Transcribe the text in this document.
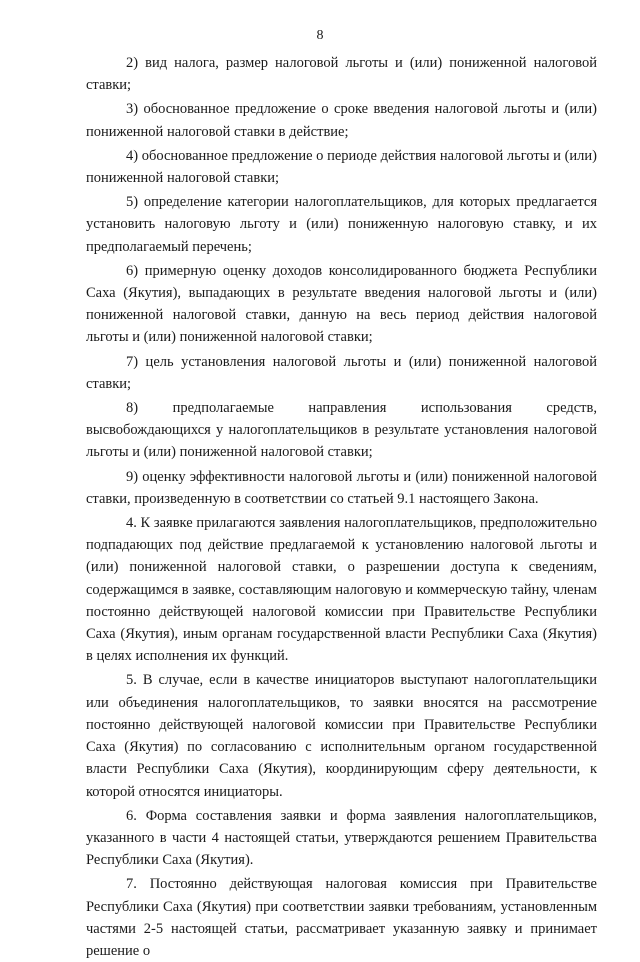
8

2) вид налога, размер налоговой льготы и (или) пониженной налоговой ставки;

3) обоснованное предложение о сроке введения налоговой льготы и (или) пониженной налоговой ставки в действие;

4) обоснованное предложение о периоде действия налоговой льготы и (или) пониженной налоговой ставки;

5) определение категории налогоплательщиков, для которых предлагается установить налоговую льготу и (или) пониженную налоговую ставку, и их предполагаемый перечень;

6) примерную оценку доходов консолидированного бюджета Республики Саха (Якутия), выпадающих в результате введения налоговой льготы и (или) пониженной налоговой ставки, данную на весь период действия налоговой льготы и (или) пониженной налоговой ставки;

7) цель установления налоговой льготы и (или) пониженной налоговой ставки;

8) предполагаемые направления использования средств, высвобождающихся у налогоплательщиков в результате установления налоговой льготы и (или) пониженной налоговой ставки;

9) оценку эффективности налоговой льготы и (или) пониженной налоговой ставки, произведенную в соответствии со статьей 9.1 настоящего Закона.

4. К заявке прилагаются заявления налогоплательщиков, предположительно подпадающих под действие предлагаемой к установлению налоговой льготы и (или) пониженной налоговой ставки, о разрешении доступа к сведениям, содержащимся в заявке, составляющим налоговую и коммерческую тайну, членам постоянно действующей налоговой комиссии при Правительстве Республики Саха (Якутия), иным органам государственной власти Республики Саха (Якутия) в целях исполнения их функций.

5. В случае, если в качестве инициаторов выступают налогоплательщики или объединения налогоплательщиков, то заявки вносятся на рассмотрение постоянно действующей налоговой комиссии при Правительстве Республики Саха (Якутия) по согласованию с исполнительным органом государственной власти Республики Саха (Якутия), координирующим сферу деятельности, к которой относятся инициаторы.

6. Форма составления заявки и форма заявления налогоплательщиков, указанного в части 4 настоящей статьи, утверждаются решением Правительства Республики Саха (Якутия).

7. Постоянно действующая налоговая комиссия при Правительстве Республики Саха (Якутия) при соответствии заявки требованиям, установленным частями 2-5 настоящей статьи, рассматривает указанную заявку и принимает решение о
